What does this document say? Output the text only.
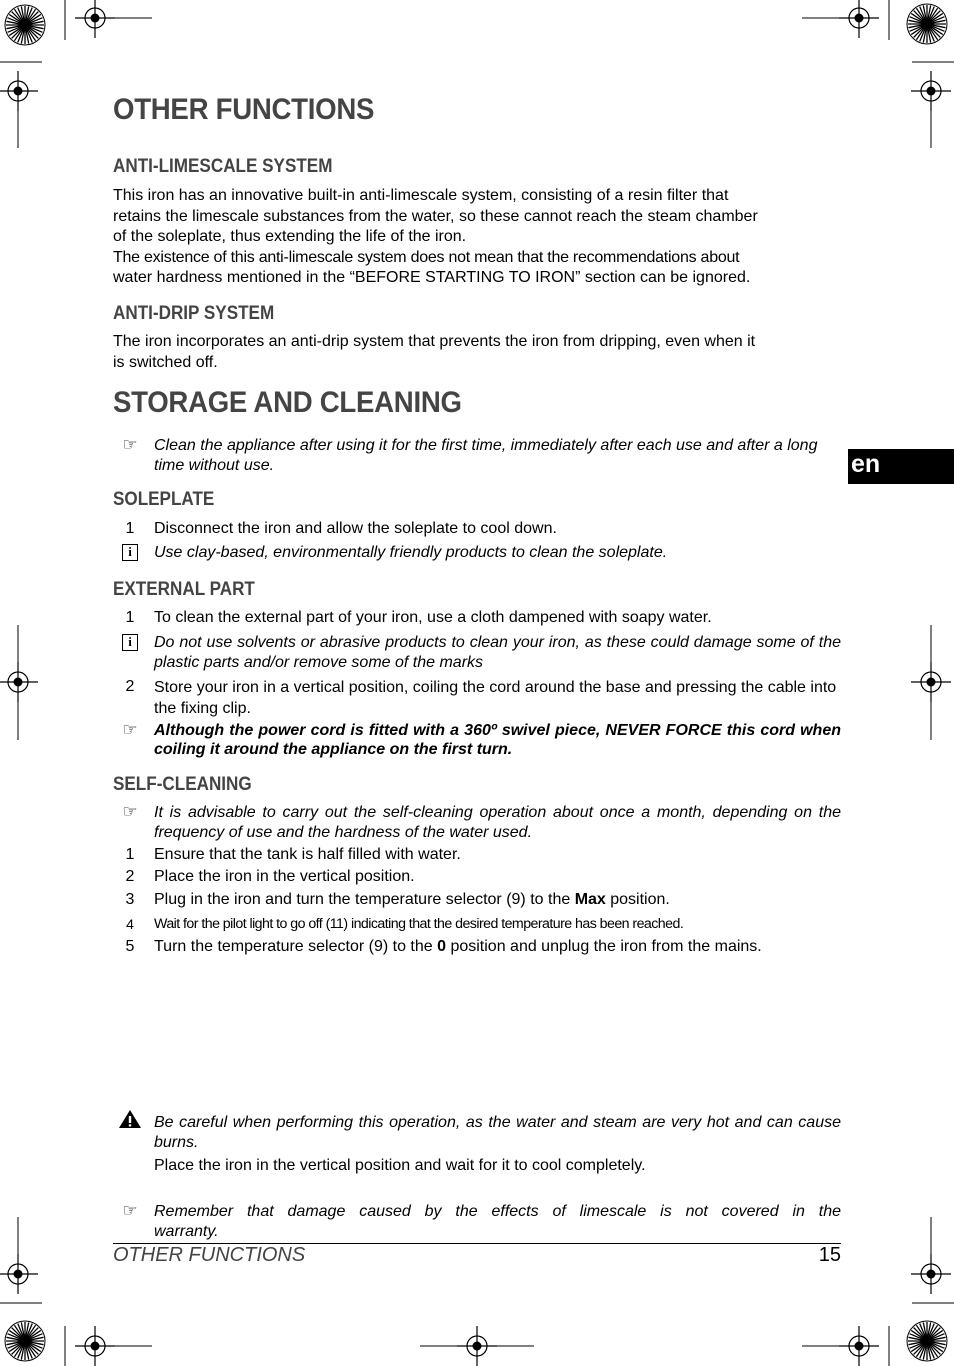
en
OTHER FUNCTIONS
ANTI-LIMESCALE SYSTEM
This iron has an innovative built-in anti-limescale system, consisting of a resin filter that
retains the limescale substances from the water, so these cannot reach the steam chamber
of the soleplate, thus extending the life of the iron.
The existence of this anti-limescale system does not mean that the recommendations about
water hardness mentioned in the “BEFORE STARTING TO IRON” section can be ignored.
ANTI-DRIP SYSTEM
The iron incorporates an anti-drip system that prevents the iron from dripping, even when it
is switched off.
STORAGE AND CLEANING
☞	Clean the appliance after using it for the first time, immediately after each use and after a long time without use.
SOLEPLATE
1	Disconnect the iron and allow the soleplate to cool down.
i	Use clay-based, environmentally friendly products to clean the soleplate.
EXTERNAL PART
1	To clean the external part of your iron, use a cloth dampened with soapy water.
i	Do not use solvents or abrasive products to clean your iron, as these could damage some of the plastic parts and/or remove some of the marks
2	Store your iron in a vertical position, coiling the cord around the base and pressing the cable into the fixing clip.
☞	Although the power cord is fitted with a 360º swivel piece, NEVER FORCE this cord when coiling it around the appliance on the first turn.
SELF-CLEANING
☞	It is advisable to carry out the self-cleaning operation about once a month, depending on the frequency of use and the hardness of the water used.
1	Ensure that the tank is half filled with water.
2	Place the iron in the vertical position.
3	Plug in the iron and turn the temperature selector (9) to the Max position.
4	Wait for the pilot light to go off (11) indicating that the desired temperature has been reached.
5	Turn the temperature selector (9) to the 0 position and unplug the iron from the mains.
Be careful when performing this operation, as the water and steam are very hot and can cause burns.
Place the iron in the vertical position and wait for it to cool completely.
☞	Remember that damage caused by the effects of limescale is not covered in the warranty.
OTHER FUNCTIONS	15
